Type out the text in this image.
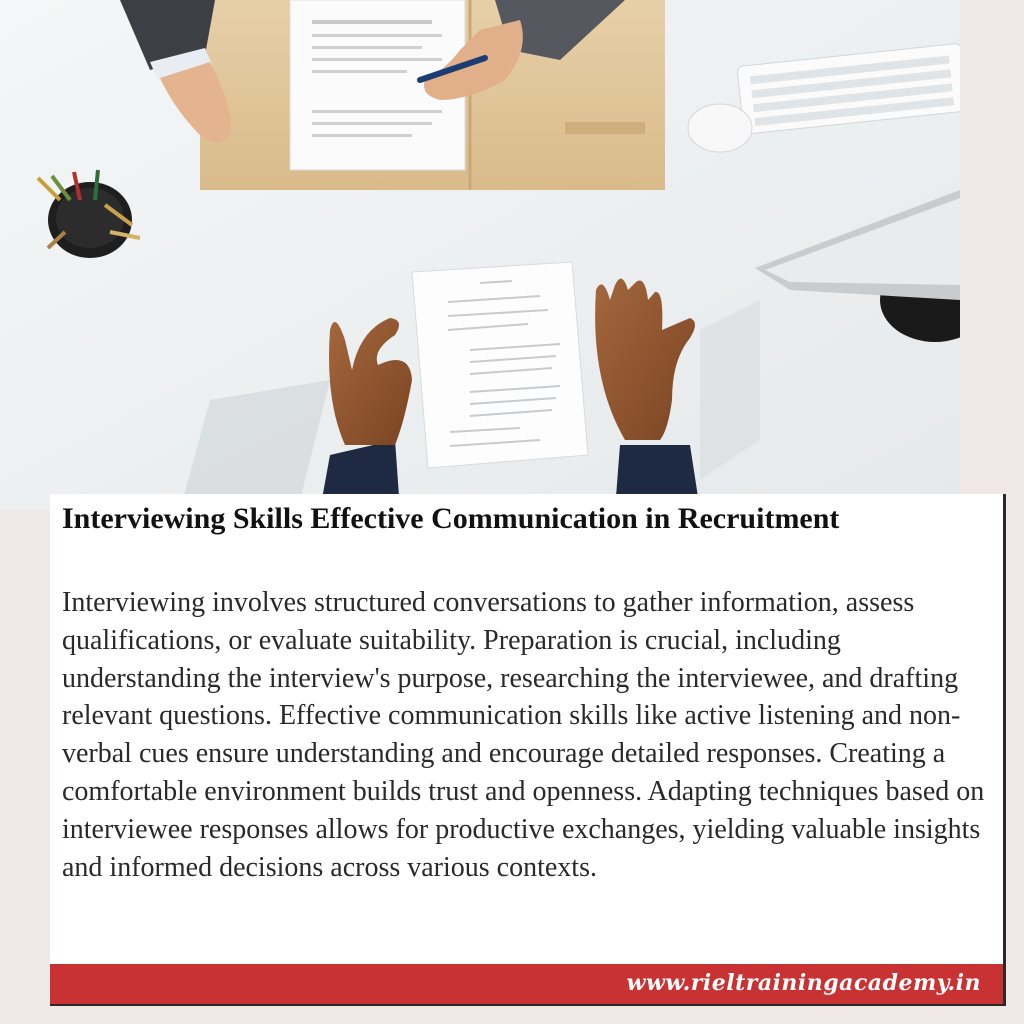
Interviewing Skills Effective Communication in Recruitment

Interviewing involves structured conversations to gather information, assess qualifications, or evaluate suitability. Preparation is crucial, including understanding the interview's purpose, researching the interviewee, and drafting relevant questions. Effective communication skills like active listening and non-verbal cues ensure understanding and encourage detailed responses. Creating a comfortable environment builds trust and openness. Adapting techniques based on interviewee responses allows for productive exchanges, yielding valuable insights and informed decisions across various contexts.

www.rieltrainingacademy.in
